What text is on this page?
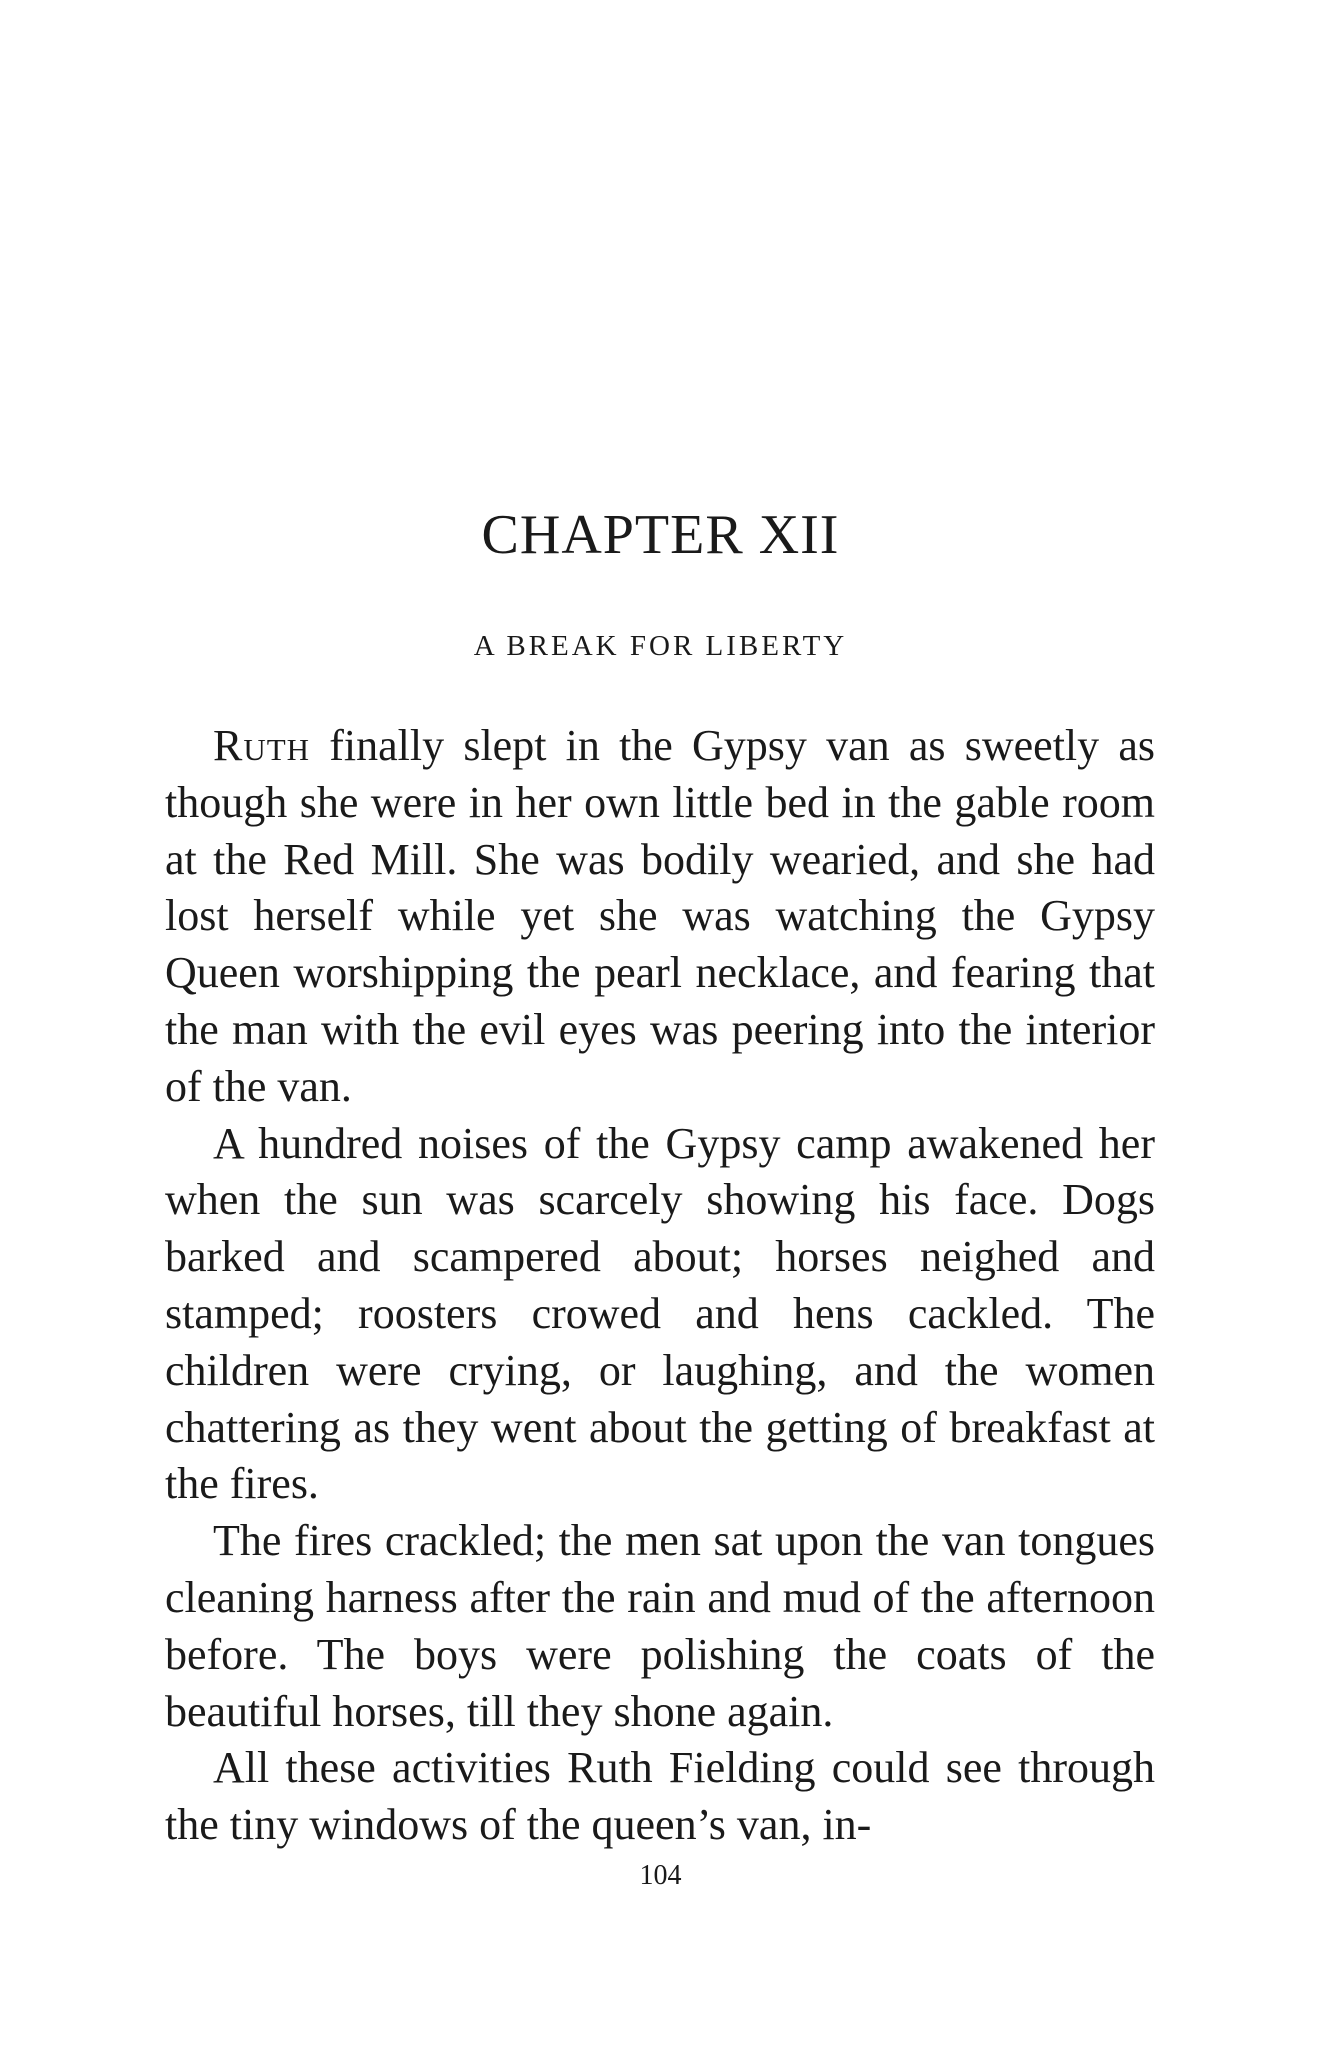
CHAPTER XII
A BREAK FOR LIBERTY

Ruth finally slept in the Gypsy van as sweetly as though she were in her own little bed in the gable room at the Red Mill. She was bodily wearied, and she had lost herself while yet she was watching the Gypsy Queen worshipping the pearl necklace, and fearing that the man with the evil eyes was peering into the interior of the van.

A hundred noises of the Gypsy camp awakened her when the sun was scarcely showing his face. Dogs barked and scampered about; horses neighed and stamped; roosters crowed and hens cackled. The children were crying, or laughing, and the women chattering as they went about the getting of breakfast at the fires.

The fires crackled; the men sat upon the van tongues cleaning harness after the rain and mud of the afternoon before. The boys were polishing the coats of the beautiful horses, till they shone again.

All these activities Ruth Fielding could see through the tiny windows of the queen’s van, in-

104
